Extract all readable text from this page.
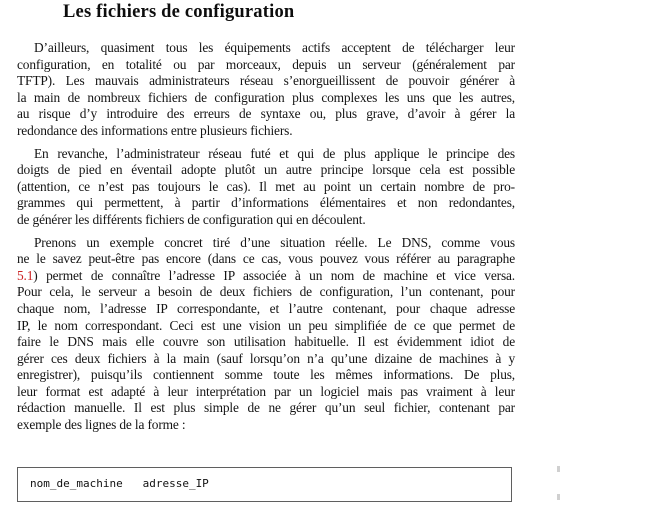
Les fichiers de configuration
D’ailleurs, quasiment tous les équipements actifs acceptent de télécharger leur
configuration, en totalité ou par morceaux, depuis un serveur (généralement par
TFTP). Les mauvais administrateurs réseau s’enorgueillissent de pouvoir générer à
la main de nombreux fichiers de configuration plus complexes les uns que les autres,
au risque d’y introduire des erreurs de syntaxe ou, plus grave, d’avoir à gérer la
redondance des informations entre plusieurs fichiers.
En revanche, l’administrateur réseau futé et qui de plus applique le principe des
doigts de pied en éventail adopte plutôt un autre principe lorsque cela est possible
(attention, ce n’est pas toujours le cas). Il met au point un certain nombre de pro-
grammes qui permettent, à partir d’informations élémentaires et non redondantes,
de générer les différents fichiers de configuration qui en découlent.
Prenons un exemple concret tiré d’une situation réelle. Le DNS, comme vous
ne le savez peut-être pas encore (dans ce cas, vous pouvez vous référer au paragraphe
5.1) permet de connaître l’adresse IP associée à un nom de machine et vice versa.
Pour cela, le serveur a besoin de deux fichiers de configuration, l’un contenant, pour
chaque nom, l’adresse IP correspondante, et l’autre contenant, pour chaque adresse
IP, le nom correspondant. Ceci est une vision un peu simplifiée de ce que permet de
faire le DNS mais elle couvre son utilisation habituelle. Il est évidemment idiot de
gérer ces deux fichiers à la main (sauf lorsqu’on n’a qu’une dizaine de machines à y
enregistrer), puisqu’ils contiennent somme toute les mêmes informations. De plus,
leur format est adapté à leur interprétation par un logiciel mais pas vraiment à leur
rédaction manuelle. Il est plus simple de ne gérer qu’un seul fichier, contenant par
exemple des lignes de la forme :
nom_de_machine   adresse_IP
